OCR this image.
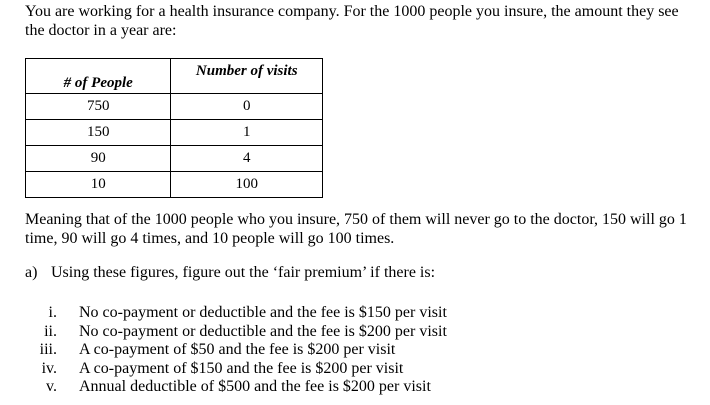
You are working for a health insurance company. For the 1000 people you insure, the amount they see the doctor in a year are:

# of People	Number of visits
750	0
150	1
90	4
10	100

Meaning that of the 1000 people who you insure, 750 of them will never go to the doctor, 150 will go 1 time, 90 will go 4 times, and 10 people will go 100 times.

a) Using these figures, figure out the ‘fair premium’ if there is:

i. No co-payment or deductible and the fee is $150 per visit
ii. No co-payment or deductible and the fee is $200 per visit
iii. A co-payment of $50 and the fee is $200 per visit
iv. A co-payment of $150 and the fee is $200 per visit
v. Annual deductible of $500 and the fee is $200 per visit
